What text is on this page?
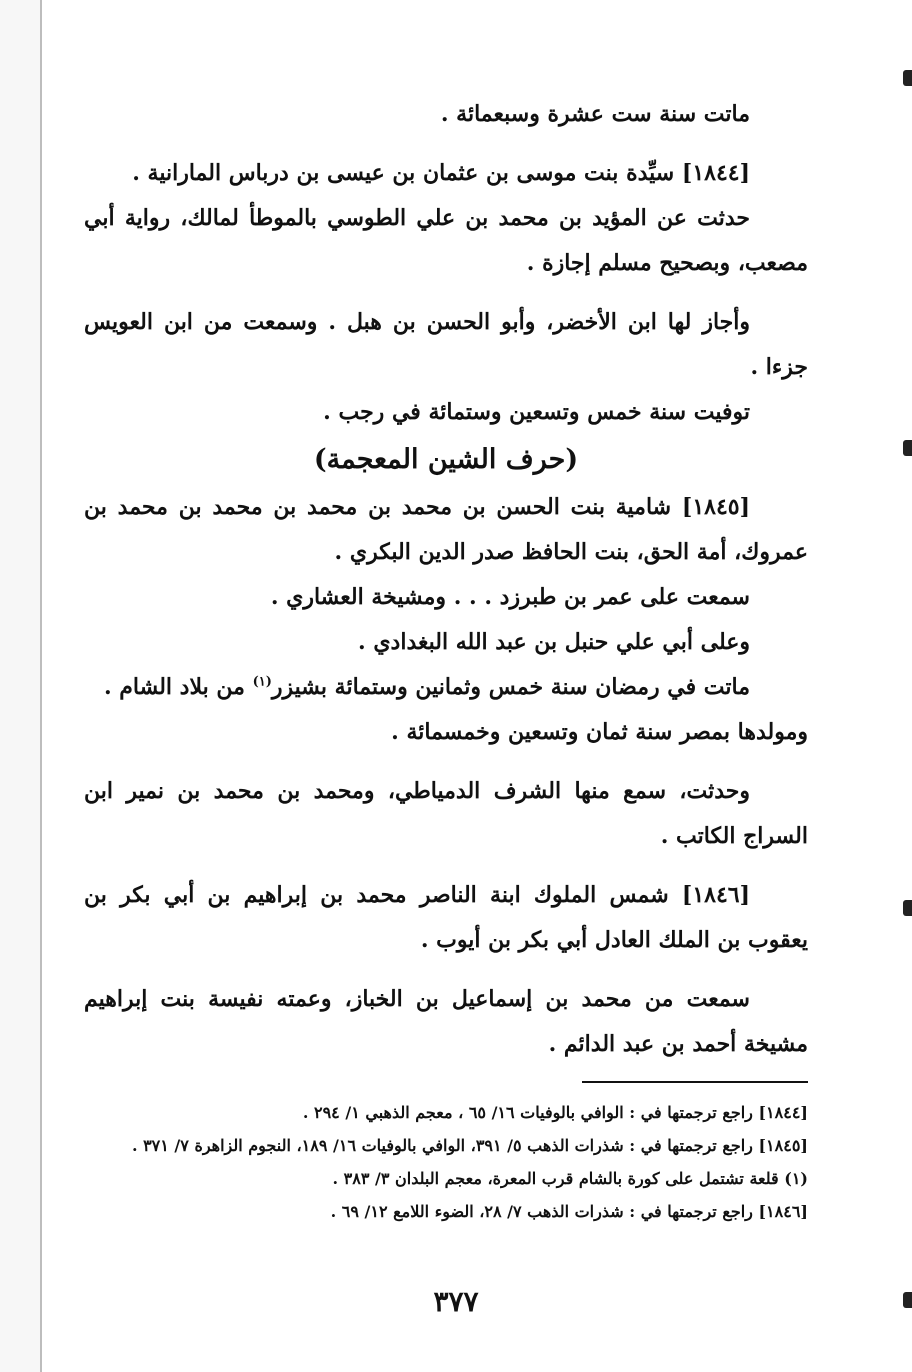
ماتت سنة ست عشرة وسبعمائة .

[١٨٤٤] سيِّدة بنت موسى بن عثمان بن عيسى بن درباس المارانية .

حدثت عن المؤيد بن محمد بن علي الطوسي بالموطأ لمالك، رواية أبي مصعب، وبصحيح مسلم إجازة .

وأجاز لها ابن الأخضر، وأبو الحسن بن هبل . وسمعت من ابن العويس جزءا .

توفيت سنة خمس وتسعين وستمائة في رجب .

(حرف الشين المعجمة)

[١٨٤٥] شامية بنت الحسن بن محمد بن محمد بن محمد بن محمد بن عمروك، أمة الحق، بنت الحافظ صدر الدين البكري .

سمعت على عمر بن طبرزد . . . ومشيخة العشاري .

وعلى أبي علي حنبل بن عبد الله البغدادي .

ماتت في رمضان سنة خمس وثمانين وستمائة بشيزر$^{(١)}$ من بلاد الشام .

ومولدها بمصر سنة ثمان وتسعين وخمسمائة .

وحدثت، سمع منها الشرف الدمياطي، ومحمد بن محمد بن نمير ابن السراج الكاتب .

[١٨٤٦] شمس الملوك ابنة الناصر محمد بن إبراهيم بن أبي بكر بن يعقوب بن الملك العادل أبي بكر بن أيوب .

سمعت من محمد بن إسماعيل بن الخباز، وعمته نفيسة بنت إبراهيم مشيخة أحمد بن عبد الدائم .

[١٨٤٤] راجع ترجمتها في : الوافي بالوفيات ١٦/ ٦٥ ، معجم الذهبي ١/ ٢٩٤ .

[١٨٤٥] راجع ترجمتها في : شذرات الذهب ٥/ ٣٩١، الوافي بالوفيات ١٦/ ١٨٩، النجوم الزاهرة ٧/ ٣٧١ .

(١) قلعة تشتمل على كورة بالشام قرب المعرة، معجم البلدان ٣/ ٣٨٣ .

[١٨٤٦] راجع ترجمتها في : شذرات الذهب ٧/ ٢٨، الضوء اللامع ١٢/ ٦٩ .

٣٧٧
